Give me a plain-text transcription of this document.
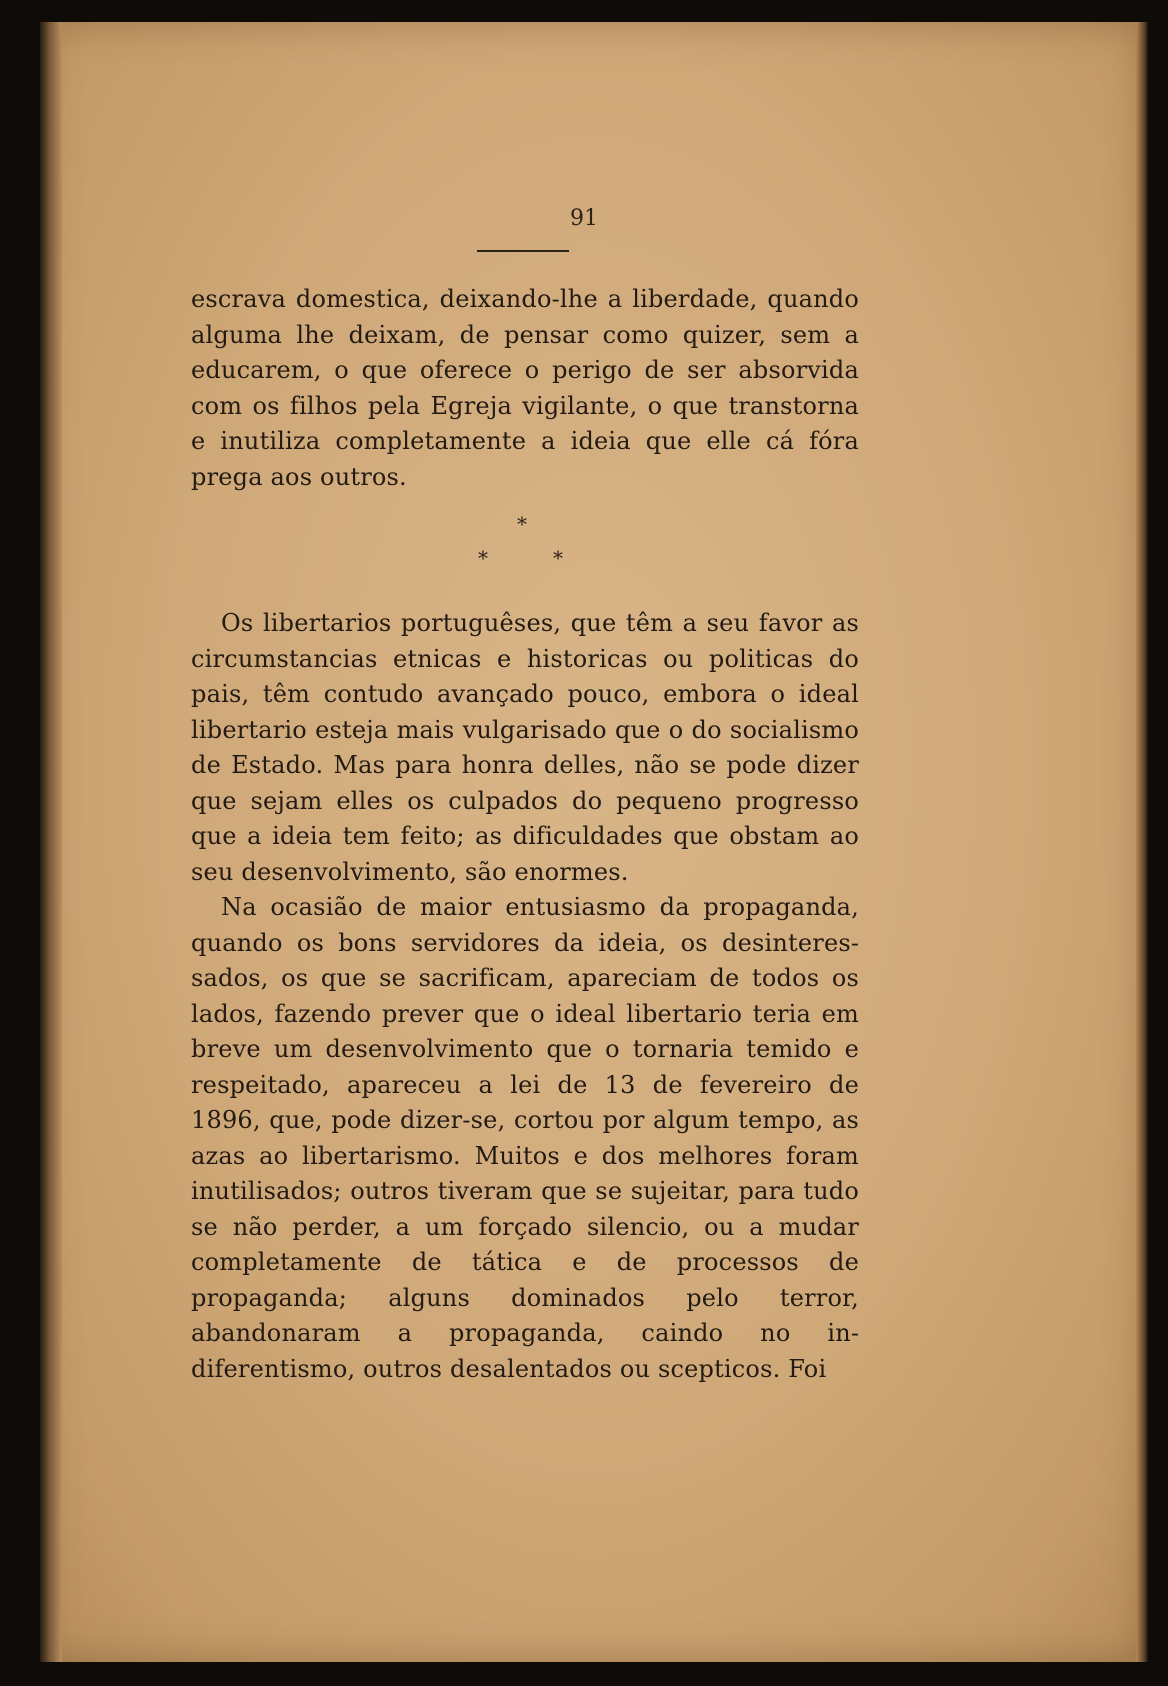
91

escrava domestica, deixando-lhe a liberdade, quando alguma lhe deixam, de pensar como quizer, sem a educarem, o que oferece o perigo de ser absorvida com os filhos pela Egreja vigilante, o que transtorna e inutiliza completamente a ideia que elle cá fóra prega aos outros.

*
*	*

Os libertarios portuguêses, que têm a seu favor as circumstancias etnicas e historicas ou politicas do pais, têm contudo avançado pouco, embora o ideal libertario esteja mais vulgarisado que o do socialismo de Estado. Mas para honra delles, não se pode dizer que sejam elles os culpados do pequeno progresso que a ideia tem feito; as dificuldades que obstam ao seu desenvolvimento, são enormes.

Na ocasião de maior entusiasmo da propaganda, quando os bons servidores da ideia, os desinteressados, os que se sacrificam, apareciam de todos os lados, fazendo prever que o ideal libertario teria em breve um desenvolvimento que o tornaria temido e respeitado, apareceu a lei de 13 de fevereiro de 1896, que, pode dizer-se, cortou por algum tempo, as azas ao libertarismo. Muitos e dos melhores foram inutilisados; outros tiveram que se sujeitar, para tudo se não perder, a um forçado silencio, ou a mudar completamente de tática e de processos de propaganda; alguns dominados pelo terror, abandonaram a propaganda, caindo no indiferentismo, outros desalentados ou scepticos. Foi
